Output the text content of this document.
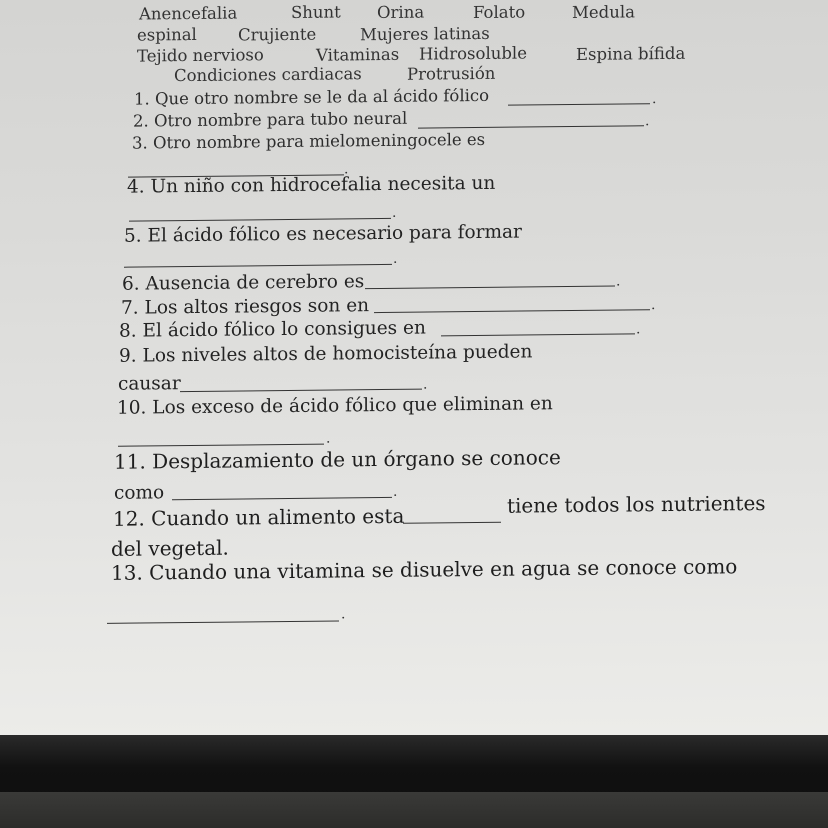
Anencefalia	Shunt Orina	Folato	Medula
espinal Crujiente	Mujeres latinas
Tejido nervioso	Vitaminas Hidrosoluble	Espina bífida
Condiciones cardiacas	Protrusión
1. Que otro nombre se le da al ácido fólico	.
2. Otro nombre para tubo neural	.
3. Otro nombre para mielomeningocele es
.
4. Un niño con hidrocefalia necesita un
.
5. El ácido fólico es necesario para formar
.
6. Ausencia de cerebro es	.
7. Los altos riesgos son en	.
8. El ácido fólico lo consigues en	.
9. Los niveles altos de homocisteína pueden
causar	.
10. Los exceso de ácido fólico que eliminan en
.
11. Desplazamiento de un órgano se conoce
como	.
12. Cuando un alimento esta	tiene todos los nutrientes
del vegetal.
13. Cuando una vitamina se disuelve en agua se conoce como
.
